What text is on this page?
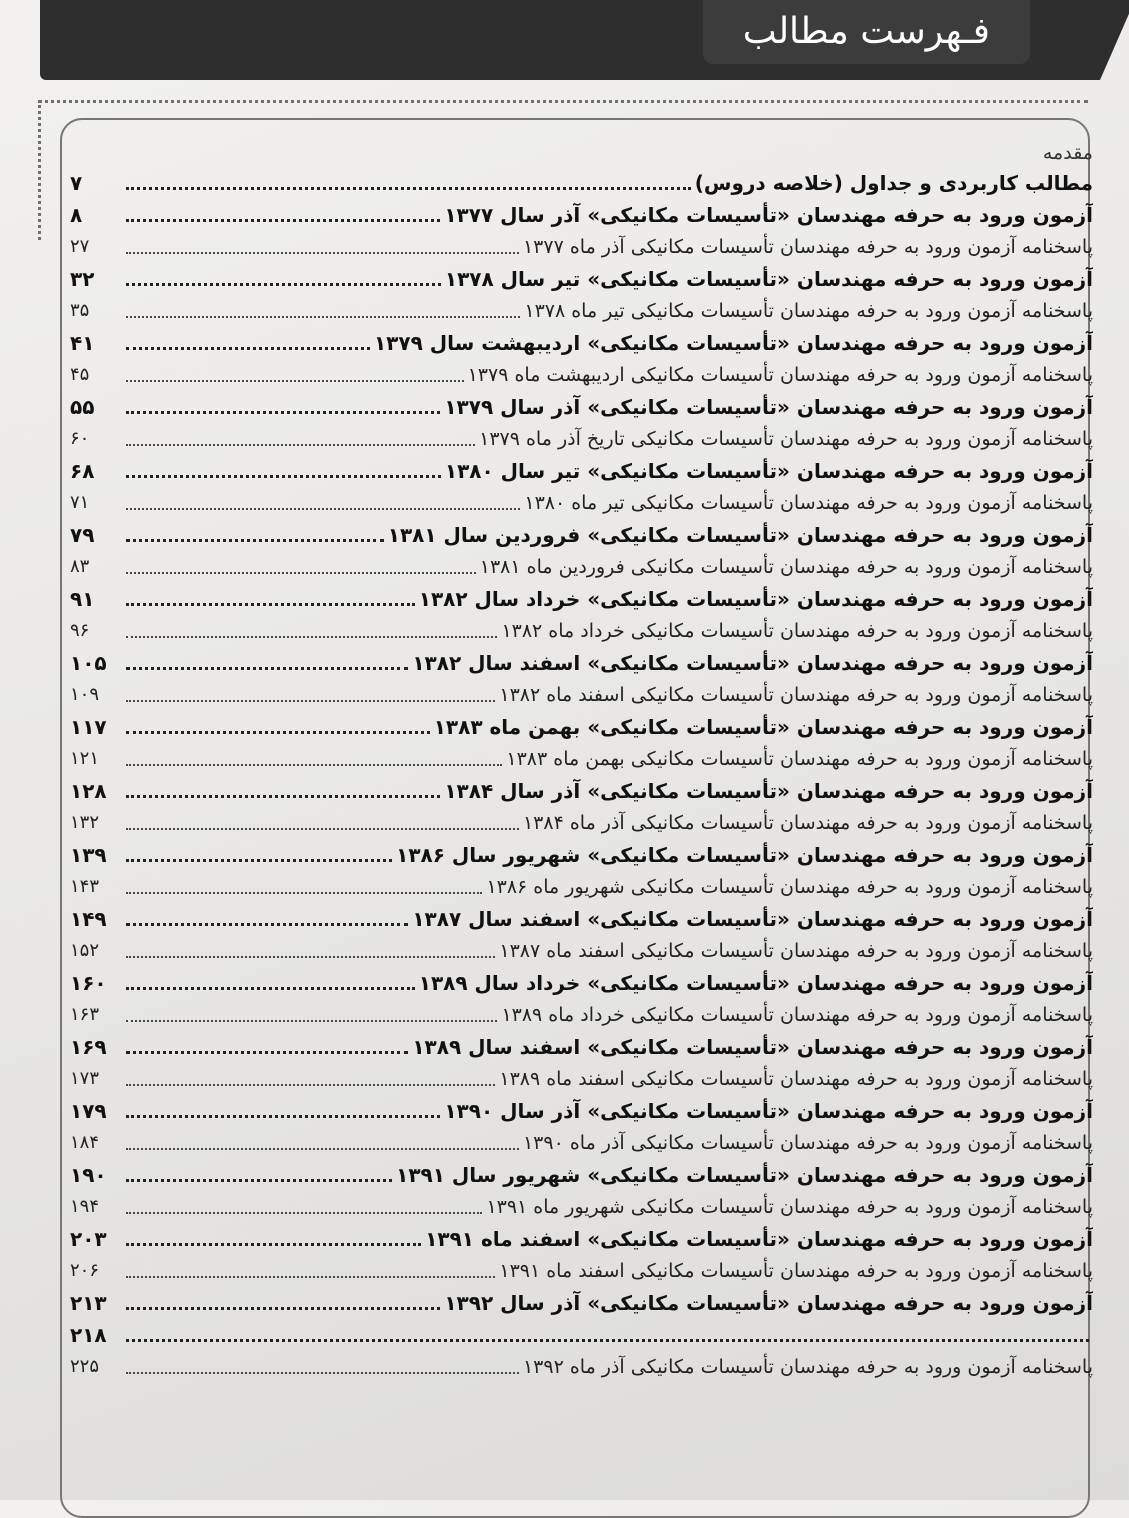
فـهرست مطالب
مقدمه
مطالب کاربردی و جداول (خلاصه دروس)
۷
آزمون ورود به حرفه مهندسان «تأسیسات مکانیکی» آذر سال ۱۳۷۷
۸
پاسخنامه آزمون ورود به حرفه مهندسان تأسیسات مکانیکی آذر ماه ۱۳۷۷
۲۷
آزمون ورود به حرفه مهندسان «تأسیسات مکانیکی» تیر سال ۱۳۷۸
۳۲
پاسخنامه آزمون ورود به حرفه مهندسان تأسیسات مکانیکی تیر ماه ۱۳۷۸
۳۵
آزمون ورود به حرفه مهندسان «تأسیسات مکانیکی» اردیبهشت سال ۱۳۷۹
۴۱
پاسخنامه آزمون ورود به حرفه مهندسان تأسیسات مکانیکی اردیبهشت ماه ۱۳۷۹
۴۵
آزمون ورود به حرفه مهندسان «تأسیسات مکانیکی» آذر سال ۱۳۷۹
۵۵
پاسخنامه آزمون ورود به حرفه مهندسان تأسیسات مکانیکی تاریخ آذر ماه ۱۳۷۹
۶۰
آزمون ورود به حرفه مهندسان «تأسیسات مکانیکی» تیر سال ۱۳۸۰
۶۸
پاسخنامه آزمون ورود به حرفه مهندسان تأسیسات مکانیکی تیر ماه ۱۳۸۰
۷۱
آزمون ورود به حرفه مهندسان «تأسیسات مکانیکی» فروردین سال ۱۳۸۱
۷۹
پاسخنامه آزمون ورود به حرفه مهندسان تأسیسات مکانیکی فروردین ماه ۱۳۸۱
۸۳
آزمون ورود به حرفه مهندسان «تأسیسات مکانیکی» خرداد سال ۱۳۸۲
۹۱
پاسخنامه آزمون ورود به حرفه مهندسان تأسیسات مکانیکی خرداد ماه ۱۳۸۲
۹۶
آزمون ورود به حرفه مهندسان «تأسیسات مکانیکی» اسفند سال ۱۳۸۲
۱۰۵
پاسخنامه آزمون ورود به حرفه مهندسان تأسیسات مکانیکی اسفند ماه ۱۳۸۲
۱۰۹
آزمون ورود به حرفه مهندسان «تأسیسات مکانیکی» بهمن ماه ۱۳۸۳
۱۱۷
پاسخنامه آزمون ورود به حرفه مهندسان تأسیسات مکانیکی بهمن ماه ۱۳۸۳
۱۲۱
آزمون ورود به حرفه مهندسان «تأسیسات مکانیکی» آذر سال ۱۳۸۴
۱۲۸
پاسخنامه آزمون ورود به حرفه مهندسان تأسیسات مکانیکی آذر ماه ۱۳۸۴
۱۳۲
آزمون ورود به حرفه مهندسان «تأسیسات مکانیکی» شهریور سال ۱۳۸۶
۱۳۹
پاسخنامه آزمون ورود به حرفه مهندسان تأسیسات مکانیکی شهریور ماه ۱۳۸۶
۱۴۳
آزمون ورود به حرفه مهندسان «تأسیسات مکانیکی» اسفند سال ۱۳۸۷
۱۴۹
پاسخنامه آزمون ورود به حرفه مهندسان تأسیسات مکانیکی اسفند ماه ۱۳۸۷
۱۵۲
آزمون ورود به حرفه مهندسان «تأسیسات مکانیکی» خرداد سال ۱۳۸۹
۱۶۰
پاسخنامه آزمون ورود به حرفه مهندسان تأسیسات مکانیکی خرداد ماه ۱۳۸۹
۱۶۳
آزمون ورود به حرفه مهندسان «تأسیسات مکانیکی» اسفند سال ۱۳۸۹
۱۶۹
پاسخنامه آزمون ورود به حرفه مهندسان تأسیسات مکانیکی اسفند ماه ۱۳۸۹
۱۷۳
آزمون ورود به حرفه مهندسان «تأسیسات مکانیکی» آذر سال ۱۳۹۰
۱۷۹
پاسخنامه آزمون ورود به حرفه مهندسان تأسیسات مکانیکی آذر ماه ۱۳۹۰
۱۸۴
آزمون ورود به حرفه مهندسان «تأسیسات مکانیکی» شهریور سال ۱۳۹۱
۱۹۰
پاسخنامه آزمون ورود به حرفه مهندسان تأسیسات مکانیکی شهریور ماه ۱۳۹۱
۱۹۴
آزمون ورود به حرفه مهندسان «تأسیسات مکانیکی» اسفند ماه ۱۳۹۱
۲۰۳
پاسخنامه آزمون ورود به حرفه مهندسان تأسیسات مکانیکی اسفند ماه ۱۳۹۱
۲۰۶
آزمون ورود به حرفه مهندسان «تأسیسات مکانیکی» آذر سال ۱۳۹۲
۲۱۳
۲۱۸
پاسخنامه آزمون ورود به حرفه مهندسان تأسیسات مکانیکی آذر ماه ۱۳۹۲
۲۲۵
